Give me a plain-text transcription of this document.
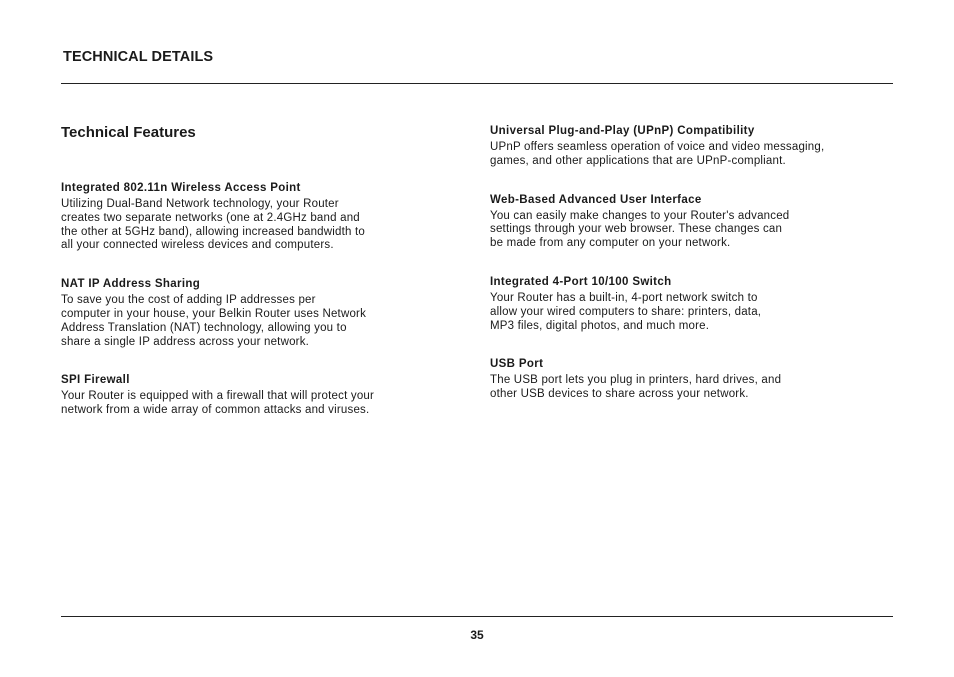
TECHNICAL DETAILS
Technical Features
Integrated 802.11n Wireless Access Point

Utilizing Dual-Band Network technology, your Router
creates two separate networks (one at 2.4GHz band and
the other at 5GHz band), allowing increased bandwidth to
all your connected wireless devices and computers.

NAT IP Address Sharing

To save you the cost of adding IP addresses per
computer in your house, your Belkin Router uses Network
Address Translation (NAT) technology, allowing you to
share a single IP address across your network.

SPI Firewall

Your Router is equipped with a firewall that will protect your
network from a wide array of common attacks and viruses.

Universal Plug-and-Play (UPnP) Compatibility

UPnP offers seamless operation of voice and video messaging,
games, and other applications that are UPnP-compliant.

Web-Based Advanced User Interface

You can easily make changes to your Router's advanced
settings through your web browser. These changes can
be made from any computer on your network.

Integrated 4-Port 10/100 Switch

Your Router has a built-in, 4-port network switch to
allow your wired computers to share: printers, data,
MP3 files, digital photos, and much more.

USB Port

The USB port lets you plug in printers, hard drives, and
other USB devices to share across your network.

35
